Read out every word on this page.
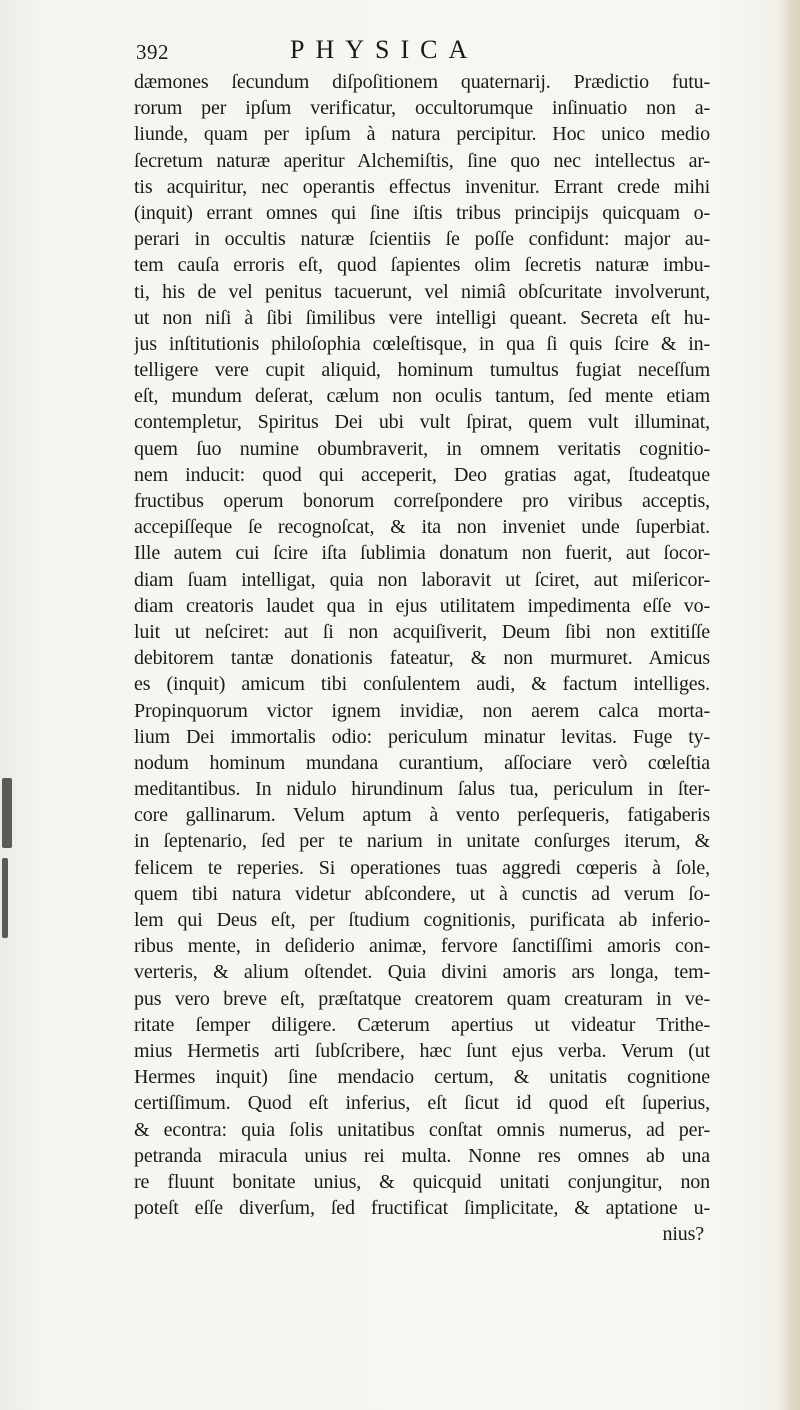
392	PHYSICA
dæmones ſecundum diſpoſitionem quaternarij. Prædictio futu-
rorum per ipſum verificatur, occultorumque inſinuatio non a-
liunde, quam per ipſum à natura percipitur. Hoc unico medio
ſecretum naturæ aperitur Alchemiſtis, ſine quo nec intellectus ar-
tis acquiritur, nec operantis effectus invenitur. Errant crede mihi
(inquit) errant omnes qui ſine iſtis tribus principijs quicquam o-
perari in occultis naturæ ſcientiis ſe poſſe confidunt: major au-
tem cauſa erroris eſt, quod ſapientes olim ſecretis naturæ imbu-
ti, his de vel penitus tacuerunt, vel nimiâ obſcuritate involverunt,
ut non niſi à ſibi ſimilibus vere intelligi queant. Secreta eſt hu-
jus inſtitutionis philoſophia cœleſtisque, in qua ſi quis ſcire & in-
telligere vere cupit aliquid, hominum tumultus fugiat neceſſum
eſt, mundum deſerat, cælum non oculis tantum, ſed mente etiam
contempletur, Spiritus Dei ubi vult ſpirat, quem vult illuminat,
quem ſuo numine obumbraverit, in omnem veritatis cognitio-
nem inducit: quod qui acceperit, Deo gratias agat, ſtudeatque
fructibus operum bonorum correſpondere pro viribus acceptis,
accepiſſeque ſe recognoſcat, & ita non inveniet unde ſuperbiat.
Ille autem cui ſcire iſta ſublimia donatum non fuerit, aut ſocor-
diam ſuam intelligat, quia non laboravit ut ſciret, aut miſericor-
diam creatoris laudet qua in ejus utilitatem impedimenta eſſe vo-
luit ut neſciret: aut ſi non acquiſiverit, Deum ſibi non extitiſſe
debitorem tantæ donationis fateatur, & non murmuret. Amicus
es (inquit) amicum tibi conſulentem audi, & factum intelliges.
Propinquorum victor ignem invidiæ, non aerem calca morta-
lium Dei immortalis odio: periculum minatur levitas. Fuge ty-
nodum hominum mundana curantium, aſſociare verò cœleſtia
meditantibus. In nidulo hirundinum ſalus tua, periculum in ſter-
core gallinarum. Velum aptum à vento perſequeris, fatigaberis
in ſeptenario, ſed per te narium in unitate conſurges iterum, &
felicem te reperies. Si operationes tuas aggredi cœperis à ſole,
quem tibi natura videtur abſcondere, ut à cunctis ad verum ſo-
lem qui Deus eſt, per ſtudium cognitionis, purificata ab inferio-
ribus mente, in deſiderio animæ, fervore ſanctiſſimi amoris con-
verteris, & alium oſtendet. Quia divini amoris ars longa, tem-
pus vero breve eſt, præſtatque creatorem quam creaturam in ve-
ritate ſemper diligere. Cæterum apertius ut videatur Trithe-
mius Hermetis arti ſubſcribere, hæc ſunt ejus verba. Verum (ut
Hermes inquit) ſine mendacio certum, & unitatis cognitione
certiſſimum. Quod eſt inferius, eſt ſicut id quod eſt ſuperius,
& econtra: quia ſolis unitatibus conſtat omnis numerus, ad per-
petranda miracula unius rei multa. Nonne res omnes ab una
re fluunt bonitate unius, & quicquid unitati conjungitur, non
poteſt eſſe diverſum, ſed fructificat ſimplicitate, & aptatione u-
nius?
